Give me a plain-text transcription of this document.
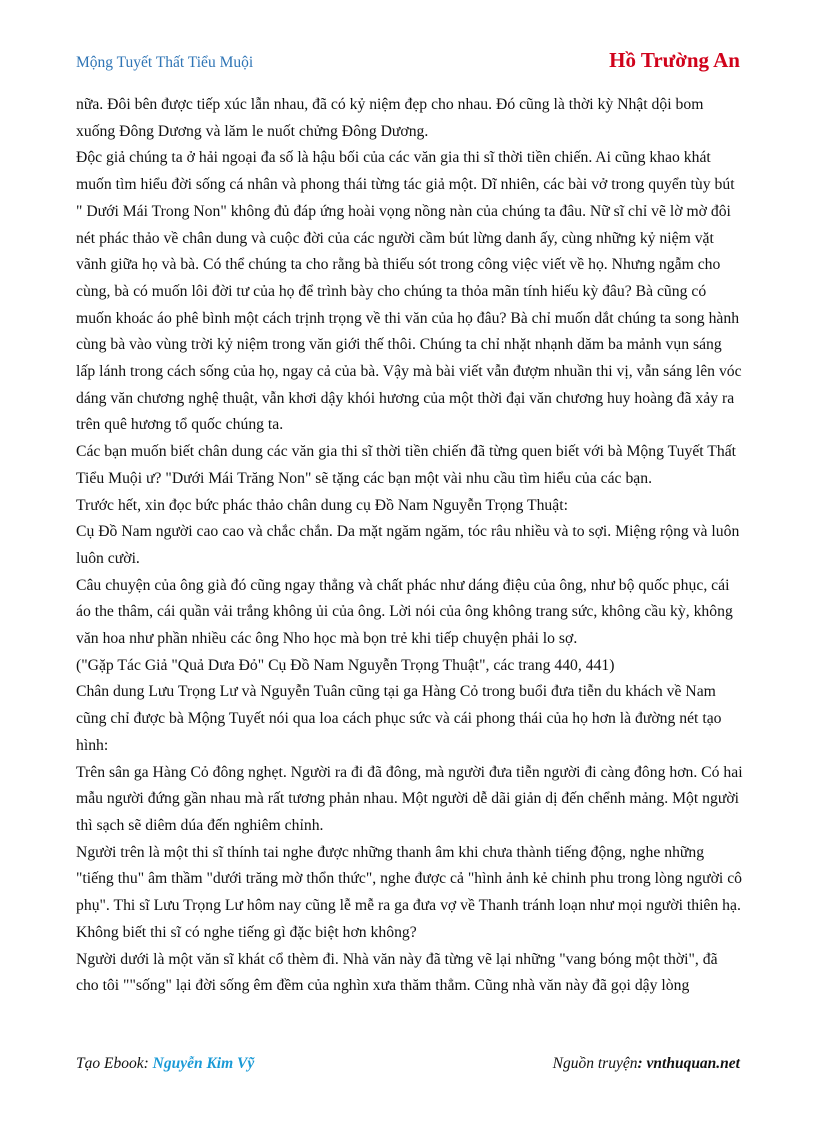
Mộng Tuyết Thất Tiểu Muội	Hồ Trường An

nữa. Đôi bên được tiếp xúc lẫn nhau, đã có kỷ niệm đẹp cho nhau. Đó cũng là thời kỳ Nhật dội bom xuống Đông Dương và lăm le nuốt chửng Đông Dương.

Độc giả chúng ta ở hải ngoại đa số là hậu bối của các văn gia thi sĩ thời tiền chiến. Ai cũng khao khát muốn tìm hiểu đời sống cá nhân và phong thái từng tác giả một. Dĩ nhiên, các bài vở trong quyển tùy bút " Dưới Mái Trong Non" không đủ đáp ứng hoài vọng nồng nàn của chúng ta đâu. Nữ sĩ chỉ vẽ lờ mờ đôi nét phác thảo về chân dung và cuộc đời của các người cầm bút lừng danh ấy, cùng những kỷ niệm vặt vãnh giữa họ và bà. Có thể chúng ta cho rằng bà thiếu sót trong công việc viết về họ. Nhưng ngẫm cho cùng, bà có muốn lôi đời tư của họ để trình bày cho chúng ta thỏa mãn tính hiếu kỳ đâu? Bà cũng có muốn khoác áo phê bình một cách trịnh trọng về thi văn của họ đâu? Bà chỉ muốn dắt chúng ta song hành cùng bà vào vùng trời kỷ niệm trong văn giới thế thôi. Chúng ta chỉ nhặt nhạnh dăm ba mảnh vụn sáng lấp lánh trong cách sống của họ, ngay cả của bà. Vậy mà bài viết vẫn đượm nhuần thi vị, vẫn sáng lên vóc dáng văn chương nghệ thuật, vẫn khơi dậy khói hương của một thời đại văn chương huy hoàng đã xảy ra trên quê hương tổ quốc chúng ta.

Các bạn muốn biết chân dung các văn gia thi sĩ thời tiền chiến đã từng quen biết với bà Mộng Tuyết Thất Tiểu Muội ư? "Dưới Mái Trăng Non" sẽ tặng các bạn một vài nhu cầu tìm hiểu của các bạn.

Trước hết, xin đọc bức phác thảo chân dung cụ Đồ Nam Nguyễn Trọng Thuật:

Cụ Đồ Nam người cao cao và chắc chắn. Da mặt ngăm ngăm, tóc râu nhiều và to sợi. Miệng rộng và luôn luôn cười.

Câu chuyện của ông già đó cũng ngay thẳng và chất phác như dáng điệu của ông, như bộ quốc phục, cái áo the thâm, cái quần vải trắng không ủi của ông. Lời nói của ông không trang sức, không cầu kỳ, không văn hoa như phần nhiều các ông Nho học mà bọn trẻ khi tiếp chuyện phải lo sợ.

("Gặp Tác Giả "Quả Dưa Đỏ" Cụ Đồ Nam Nguyễn Trọng Thuật", các trang 440, 441)

Chân dung Lưu Trọng Lư và Nguyễn Tuân cũng tại ga Hàng Cỏ trong buổi đưa tiễn du khách về Nam cũng chỉ được bà Mộng Tuyết nói qua loa cách phục sức và cái phong thái của họ hơn là đường nét tạo hình:

Trên sân ga Hàng Cỏ đông nghẹt. Người ra đi đã đông, mà người đưa tiễn người đi càng đông hơn. Có hai mẫu người đứng gần nhau mà rất tương phản nhau. Một người dễ dãi giản dị đến chểnh mảng. Một người thì sạch sẽ diêm dúa đến nghiêm chỉnh.

Người trên là một thi sĩ thính tai nghe được những thanh âm khi chưa thành tiếng động, nghe những "tiếng thu" âm thầm "dưới trăng mờ thổn thức", nghe được cả "hình ảnh kẻ chinh phu trong lòng người cô phụ". Thi sĩ Lưu Trọng Lư hôm nay cũng lễ mễ ra ga đưa vợ về Thanh tránh loạn như mọi người thiên hạ. Không biết thi sĩ có nghe tiếng gì đặc biệt hơn không?

Người dưới là một văn sĩ khát cổ thèm đi. Nhà văn này đã từng vẽ lại những "vang bóng một thời", đã cho tôi ""sống" lại đời sống êm đềm của nghìn xưa thăm thẳm. Cũng nhà văn này đã gọi dậy lòng

Tạo Ebook: Nguyễn Kim Vỹ	Nguồn truyện: vnthuquan.net
